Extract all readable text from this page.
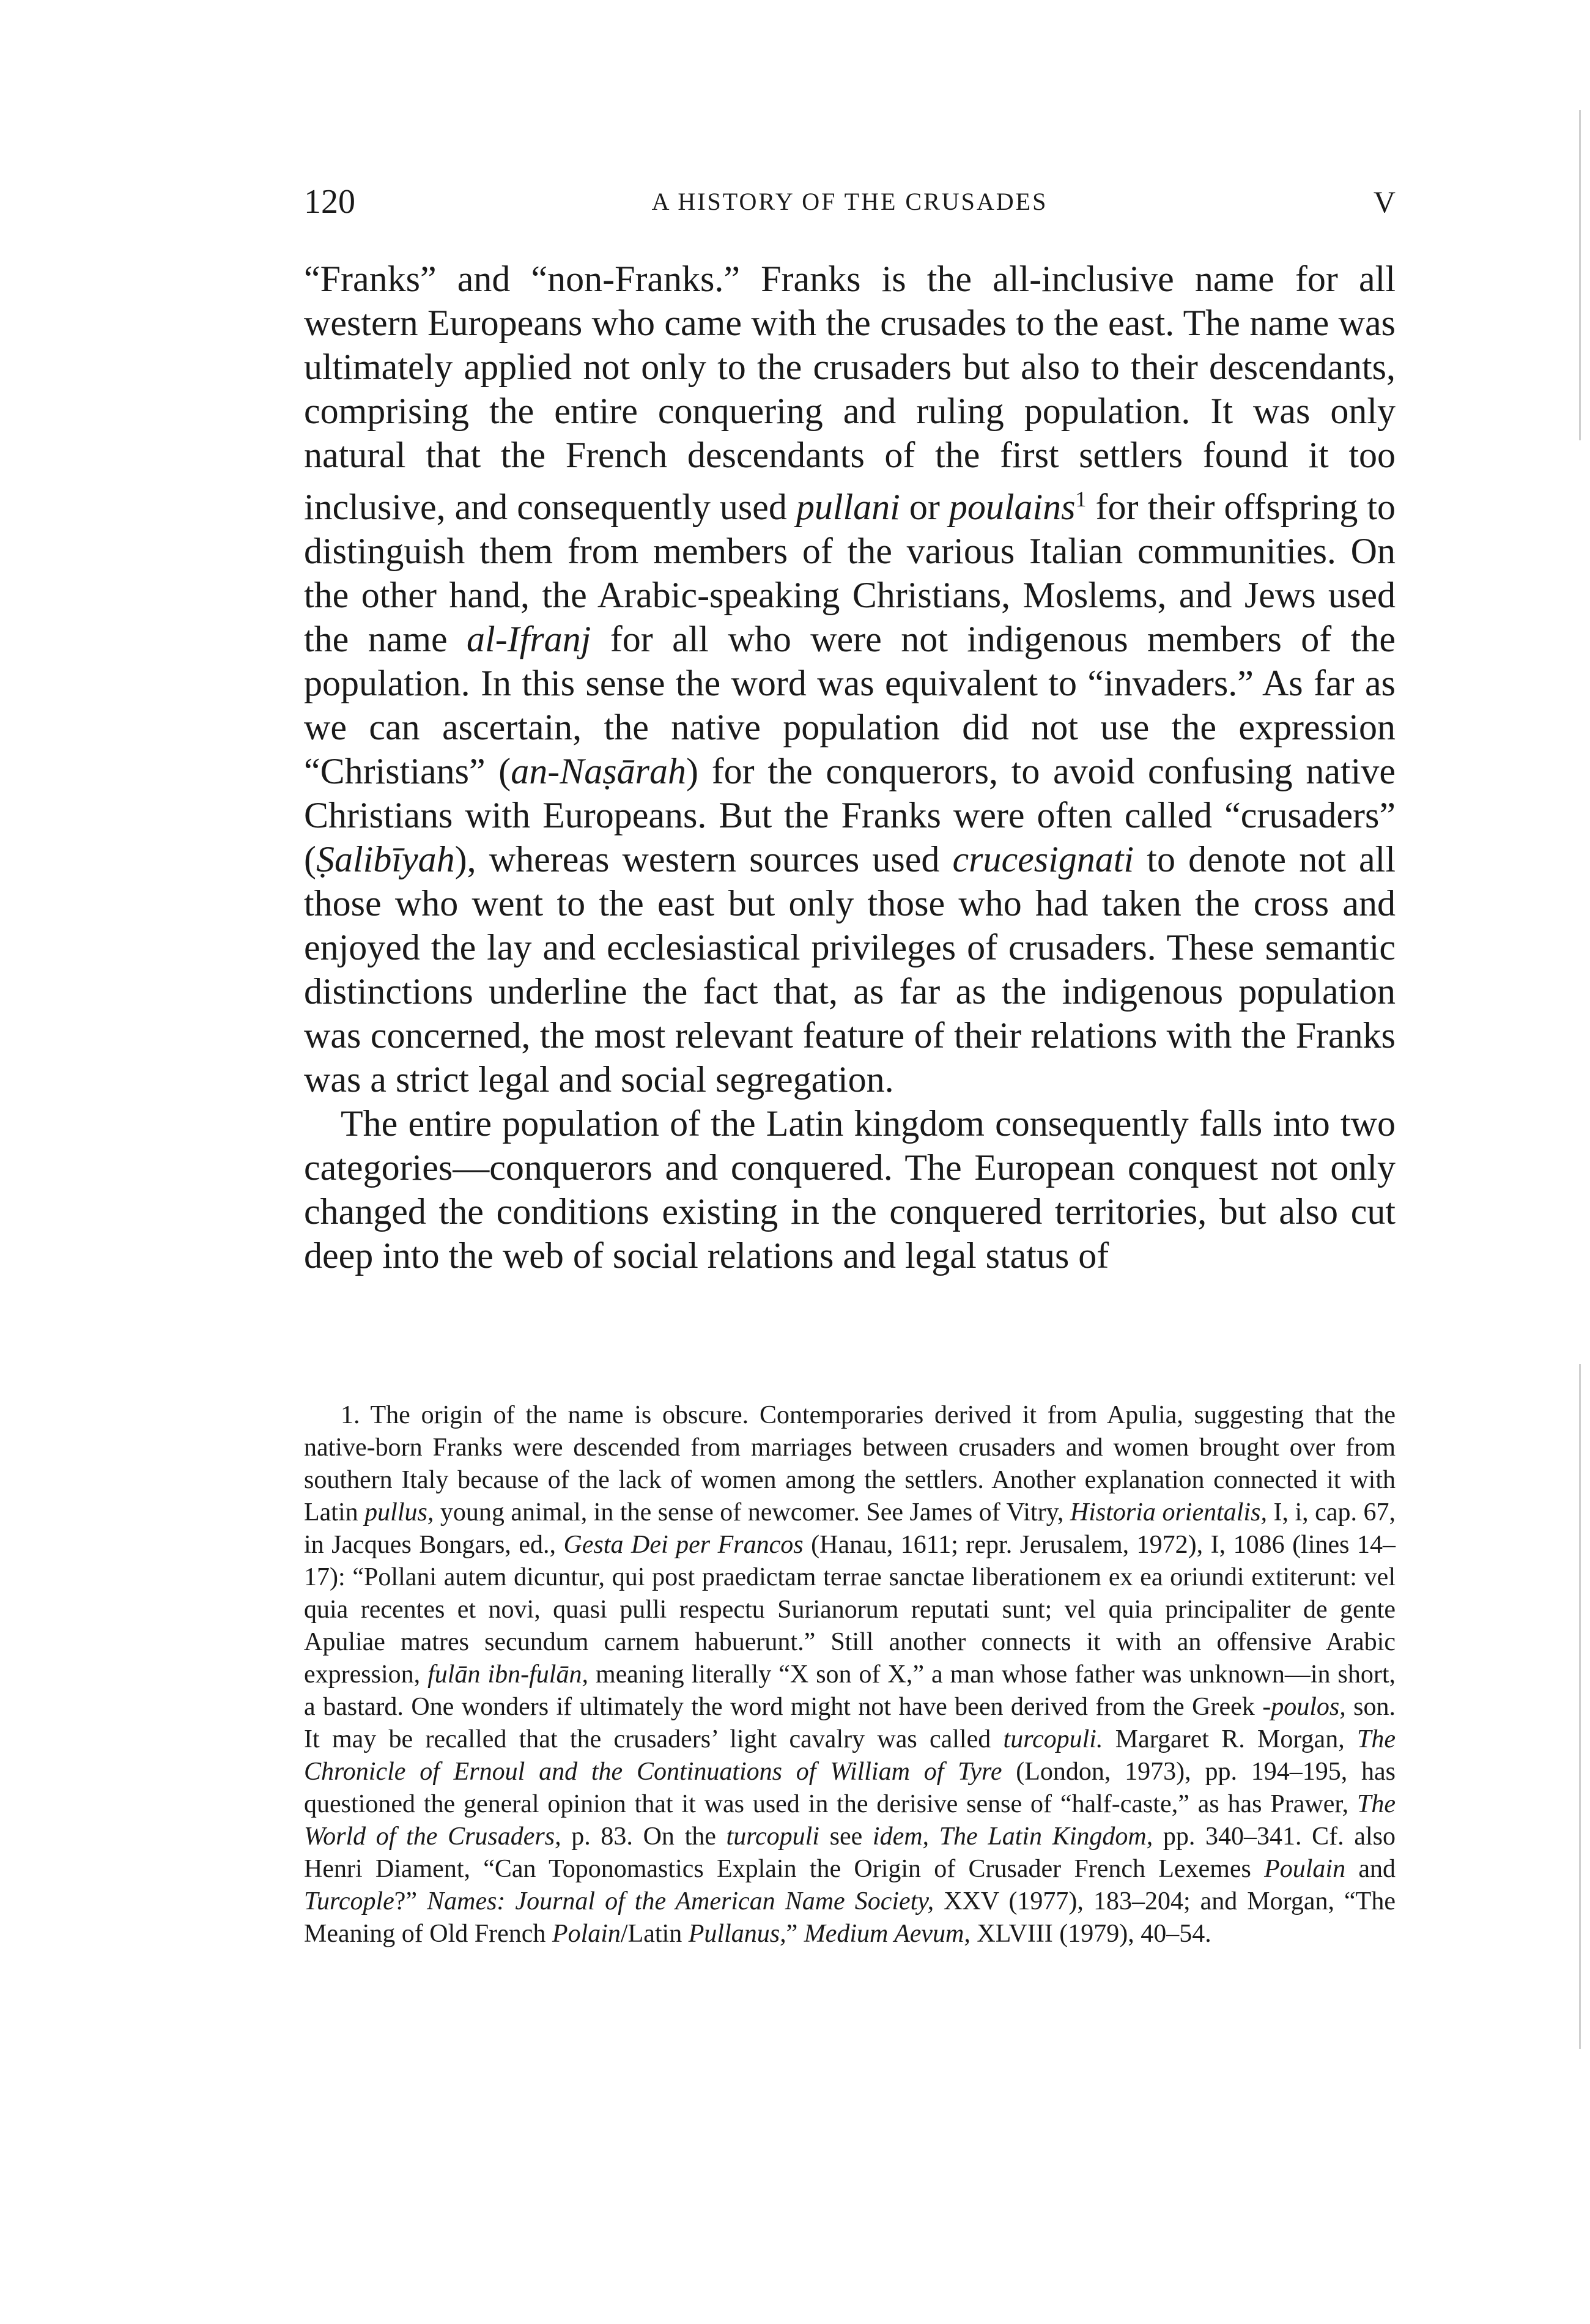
120	A HISTORY OF THE CRUSADES	V

“Franks” and “non-Franks.” Franks is the all-inclusive name for all western Europeans who came with the crusades to the east. The name was ultimately applied not only to the crusaders but also to their descendants, comprising the entire conquering and ruling population. It was only natural that the French descendants of the first settlers found it too inclusive, and consequently used pullani or poulains$^1$ for their offspring to distinguish them from members of the various Italian communities. On the other hand, the Arabic-speaking Christians, Moslems, and Jews used the name al-Ifranj for all who were not indigenous members of the population. In this sense the word was equivalent to “invaders.” As far as we can ascertain, the native population did not use the expression “Christians” (an-Naṣārah) for the conquerors, to avoid confusing native Christians with Europeans. But the Franks were often called “crusaders” (Ṣalibīyah), whereas western sources used crucesignati to denote not all those who went to the east but only those who had taken the cross and enjoyed the lay and ecclesiastical privileges of crusaders. These semantic distinctions underline the fact that, as far as the indigenous population was concerned, the most relevant feature of their relations with the Franks was a strict legal and social segregation.

The entire population of the Latin kingdom consequently falls into two categories—conquerors and conquered. The European conquest not only changed the conditions existing in the conquered territories, but also cut deep into the web of social relations and legal status of

1. The origin of the name is obscure. Contemporaries derived it from Apulia, suggesting that the native-born Franks were descended from marriages between crusaders and women brought over from southern Italy because of the lack of women among the settlers. Another explanation connected it with Latin pullus, young animal, in the sense of newcomer. See James of Vitry, Historia orientalis, I, i, cap. 67, in Jacques Bongars, ed., Gesta Dei per Francos (Hanau, 1611; repr. Jerusalem, 1972), I, 1086 (lines 14–17): “Pollani autem dicuntur, qui post praedictam terrae sanctae liberationem ex ea oriundi extiterunt: vel quia recentes et novi, quasi pulli respectu Surianorum reputati sunt; vel quia principaliter de gente Apuliae matres secundum carnem habuerunt.” Still another connects it with an offensive Arabic expression, fulān ibn-fulān, meaning literally “X son of X,” a man whose father was unknown—in short, a bastard. One wonders if ultimately the word might not have been derived from the Greek -poulos, son. It may be recalled that the crusaders’ light cavalry was called turcopuli. Margaret R. Morgan, The Chronicle of Ernoul and the Continuations of William of Tyre (London, 1973), pp. 194–195, has questioned the general opinion that it was used in the derisive sense of “half-caste,” as has Prawer, The World of the Crusaders, p. 83. On the turcopuli see idem, The Latin Kingdom, pp. 340–341. Cf. also Henri Diament, “Can Toponomastics Explain the Origin of Crusader French Lexemes Poulain and Turcople?” Names: Journal of the American Name Society, XXV (1977), 183–204; and Morgan, “The Meaning of Old French Polain/Latin Pullanus,” Medium Aevum, XLVIII (1979), 40–54.
